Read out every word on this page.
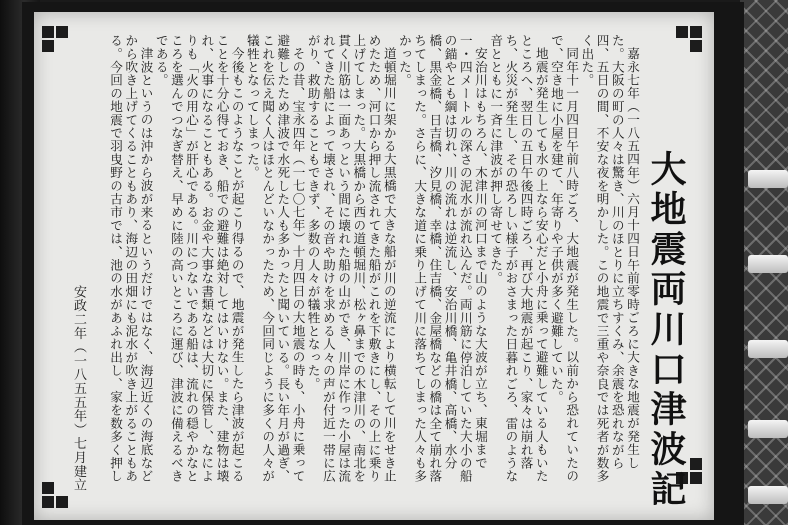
大地震両川口津波記

嘉永七年（一八五四年）六月十四日午前零時ごろに大きな地震が発生した。大阪の町の人々は驚き、川のほとりに立ちすくみ、余震を恐れながら四、五日の間、不安な夜を明かした。この地震で三重や奈良では死者が数多く出た。

同年十一月四日午前八時ごろ、大地震が発生した。以前から恐れていたので、空き地に小屋を建て、年寄りや子供が多く避難していた。

地震が発生しても水の上なら安心だと小舟に乗って避難している人もいたところへ、翌日の五日午後四時ごろ、再び大地震が起こり、家々は崩れ落ち、火災が発生し、その恐ろしい様子がおさまった日暮れごろ、雷のような音とともに一斉に津波が押し寄せてきた。

安治川はもちろん、木津川の河口まで山のような大波が立ち、東堀まで一・四メートルの深さの泥水が流れ込んだ。両川筋に停泊していた大小の船の錨やとも綱は切れ、川の流れは逆流し、安治川橋、亀井橋、高橋、水分橋、黒金橋、日吉橋、汐見橋、幸橋、住吉橋、金屋橋などの橋は全て崩れ落ちてしまった。さらに、大きな道に乗り上げて川に落ちてしまった人々も多かった。

道頓堀川に架かる大黒橋で大きな船が川の逆流により横転して川をせき止めたため、河口から押し流されてきた船がこれを下敷きにし、その上に乗り上げてしまった。大黒橋から西の道頓堀川、松ヶ鼻までの木津川の、南北を貫く川筋は一面あっという間に壊れた船の山ができ、川岸に作った小屋は流れてきた船によって壊され、その音や助けを求める人々の声が付近一帯に広がり、救助することもできず、多数の人々が犠牲となった。

その昔、宝永四年（一七〇七年）十月四日の大地震の時も、小舟に乗って避難したため津波で水死した人も多かったと聞いている。長い年月が過ぎ、これを伝え聞く人はほとんどいなかったため、今回同じように多くの人々が犠牲となってしまった。

今後もこのようなことが起こり得るので、地震が発生したら津波が起こることを十分心得ておき、船での避難は絶対してはいけない。また、建物は壊れ、火事になることもある。お金や大事な書類などは大切に保管し、なによりも「火の用心」が肝心である。川につないである船は、流れの穏やかなところを選んでつなぎ替え、早めに陸の高いところに運び、津波に備えるべきである。

津波というのは沖から波が来るというだけではなく、海辺近くの海底などから吹き上げてくることもあり、海辺の田畑にも泥水が吹き上がることもある。今回の地震で羽曳野の古市では、池の水があふれ出し、家を数多く押し

安政二年（一八五五年）七月建立
